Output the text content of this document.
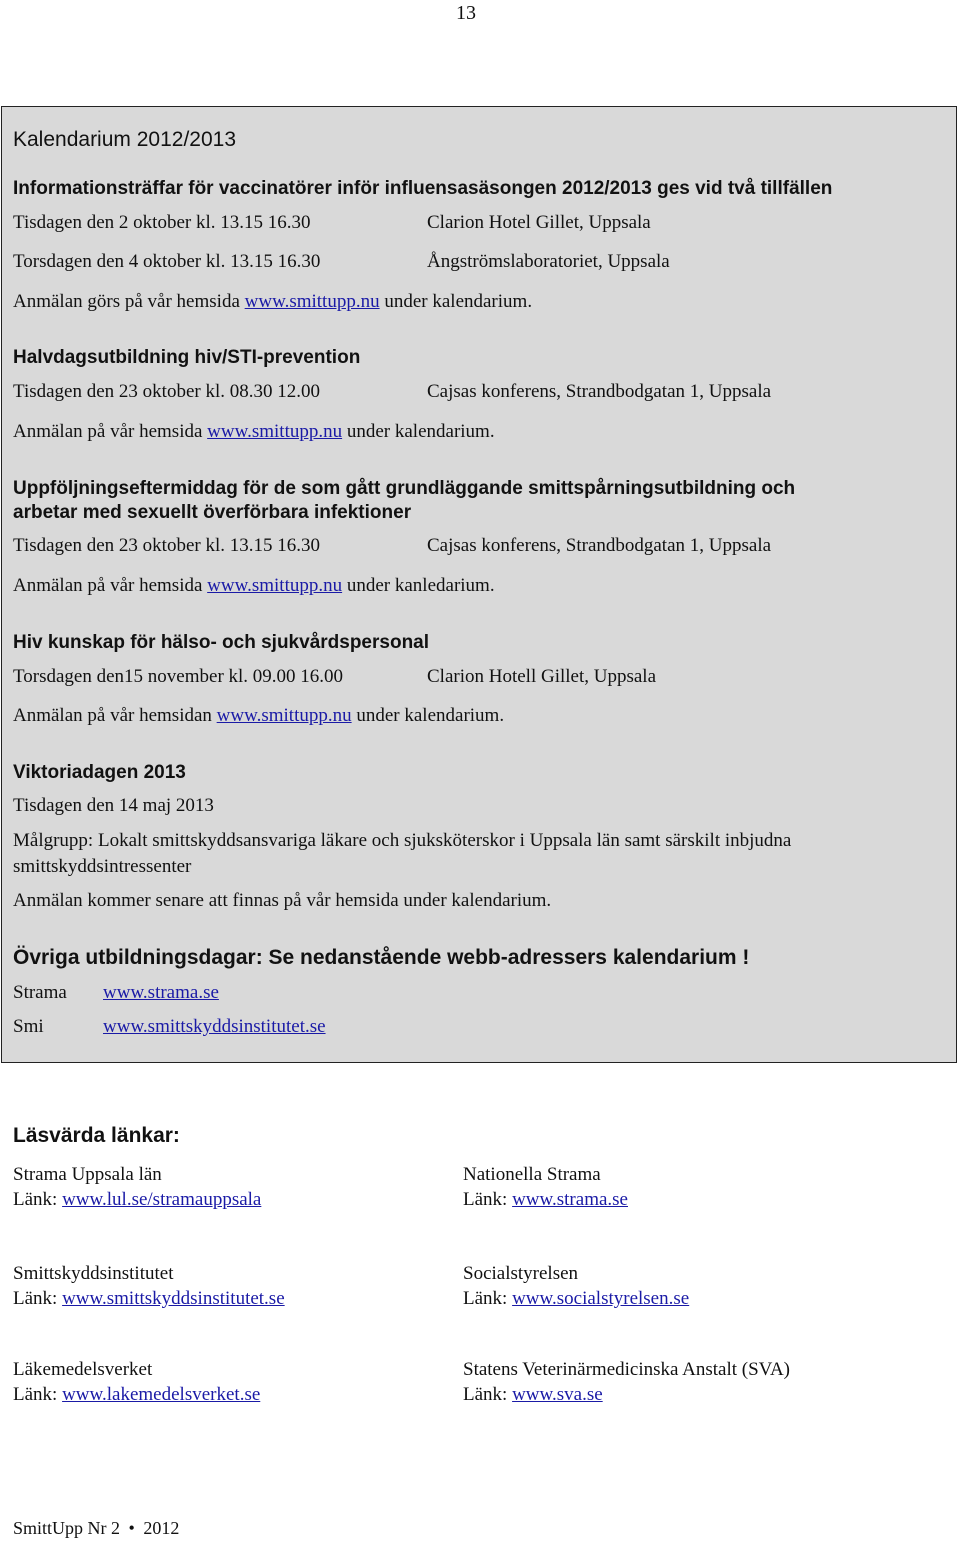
13
Kalendarium 2012/2013
Informationsträffar för vaccinatörer inför influensasäsongen 2012/2013 ges vid två tillfällen
Tisdagen den 2 oktober kl. 13.15 16.30	Clarion Hotel Gillet, Uppsala
Torsdagen den 4 oktober kl. 13.15 16.30	Ångströmslaboratoriet, Uppsala
Anmälan görs på vår hemsida www.smittupp.nu under kalendarium.
Halvdagsutbildning hiv/STI-prevention
Tisdagen den 23 oktober kl. 08.30 12.00	Cajsas konferens, Strandbodgatan 1, Uppsala
Anmälan på vår hemsida www.smittupp.nu under kalendarium.
Uppföljningseftermiddag för de som gått grundläggande smittspårningsutbildning och
arbetar med sexuellt överförbara infektioner
Tisdagen den 23 oktober kl. 13.15 16.30	Cajsas konferens, Strandbodgatan 1, Uppsala
Anmälan på vår hemsida www.smittupp.nu under kanledarium.
Hiv kunskap för hälso- och sjukvårdspersonal
Torsdagen den15 november kl. 09.00 16.00	Clarion Hotell Gillet, Uppsala
Anmälan på vår hemsidan www.smittupp.nu under kalendarium.
Viktoriadagen 2013
Tisdagen den 14 maj 2013
Målgrupp: Lokalt smittskyddsansvariga läkare och sjuksköterskor i Uppsala län samt särskilt inbjudna
smittskyddsintressenter
Anmälan kommer senare att finnas på vår hemsida under kalendarium.
Övriga utbildningsdagar: Se nedanstående webb-adressers kalendarium !
Strama www.strama.se
Smi	www.smittskyddsinstitutet.se
Läsvärda länkar:
Strama Uppsala län
Länk: www.lul.se/stramauppsala
Nationella Strama
Länk: www.strama.se
Smittskyddsinstitutet
Länk: www.smittskyddsinstitutet.se
Socialstyrelsen
Länk: www.socialstyrelsen.se
Läkemedelsverket
Länk: www.lakemedelsverket.se
Statens Veterinärmedicinska Anstalt (SVA)
Länk: www.sva.se
SmittUpp Nr 2 • 2012
